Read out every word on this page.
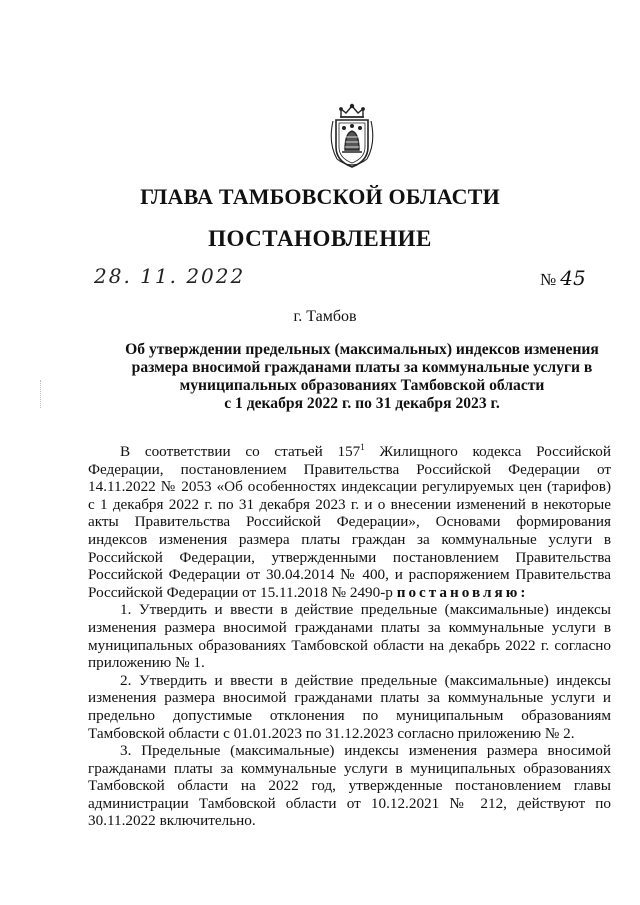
ГЛАВА ТАМБОВСКОЙ ОБЛАСТИ
ПОСТАНОВЛЕНИЕ
28. 11. 2022	№ 45
г. Тамбов
Об утверждении предельных (максимальных) индексов изменения
размера вносимой гражданами платы за коммунальные услуги в
муниципальных образованиях Тамбовской области
с 1 декабря 2022 г. по 31 декабря 2023 г.

В соответствии со статьей $157^1$ Жилищного кодекса Российской Федерации, постановлением Правительства Российской Федерации от 14.11.2022 № 2053 «Об особенностях индексации регулируемых цен (тарифов) с 1 декабря 2022 г. по 31 декабря 2023 г. и о внесении изменений в некоторые акты Правительства Российской Федерации», Основами формирования индексов изменения размера платы граждан за коммунальные услуги в Российской Федерации, утвержденными постановлением Правительства Российской Федерации от 30.04.2014 № 400, и распоряжением Правительства Российской Федерации от 15.11.2018 № 2490-р постановляю:

1. Утвердить и ввести в действие предельные (максимальные) индексы изменения размера вносимой гражданами платы за коммунальные услуги в муниципальных образованиях Тамбовской области на декабрь 2022 г. согласно приложению № 1.

2. Утвердить и ввести в действие предельные (максимальные) индексы изменения размера вносимой гражданами платы за коммунальные услуги и предельно допустимые отклонения по муниципальным образованиям Тамбовской области с 01.01.2023 по 31.12.2023 согласно приложению № 2.

3. Предельные (максимальные) индексы изменения размера вносимой гражданами платы за коммунальные услуги в муниципальных образованиях Тамбовской области на 2022 год, утвержденные постановлением главы администрации Тамбовской области от 10.12.2021 № 212, действуют по 30.11.2022 включительно.
